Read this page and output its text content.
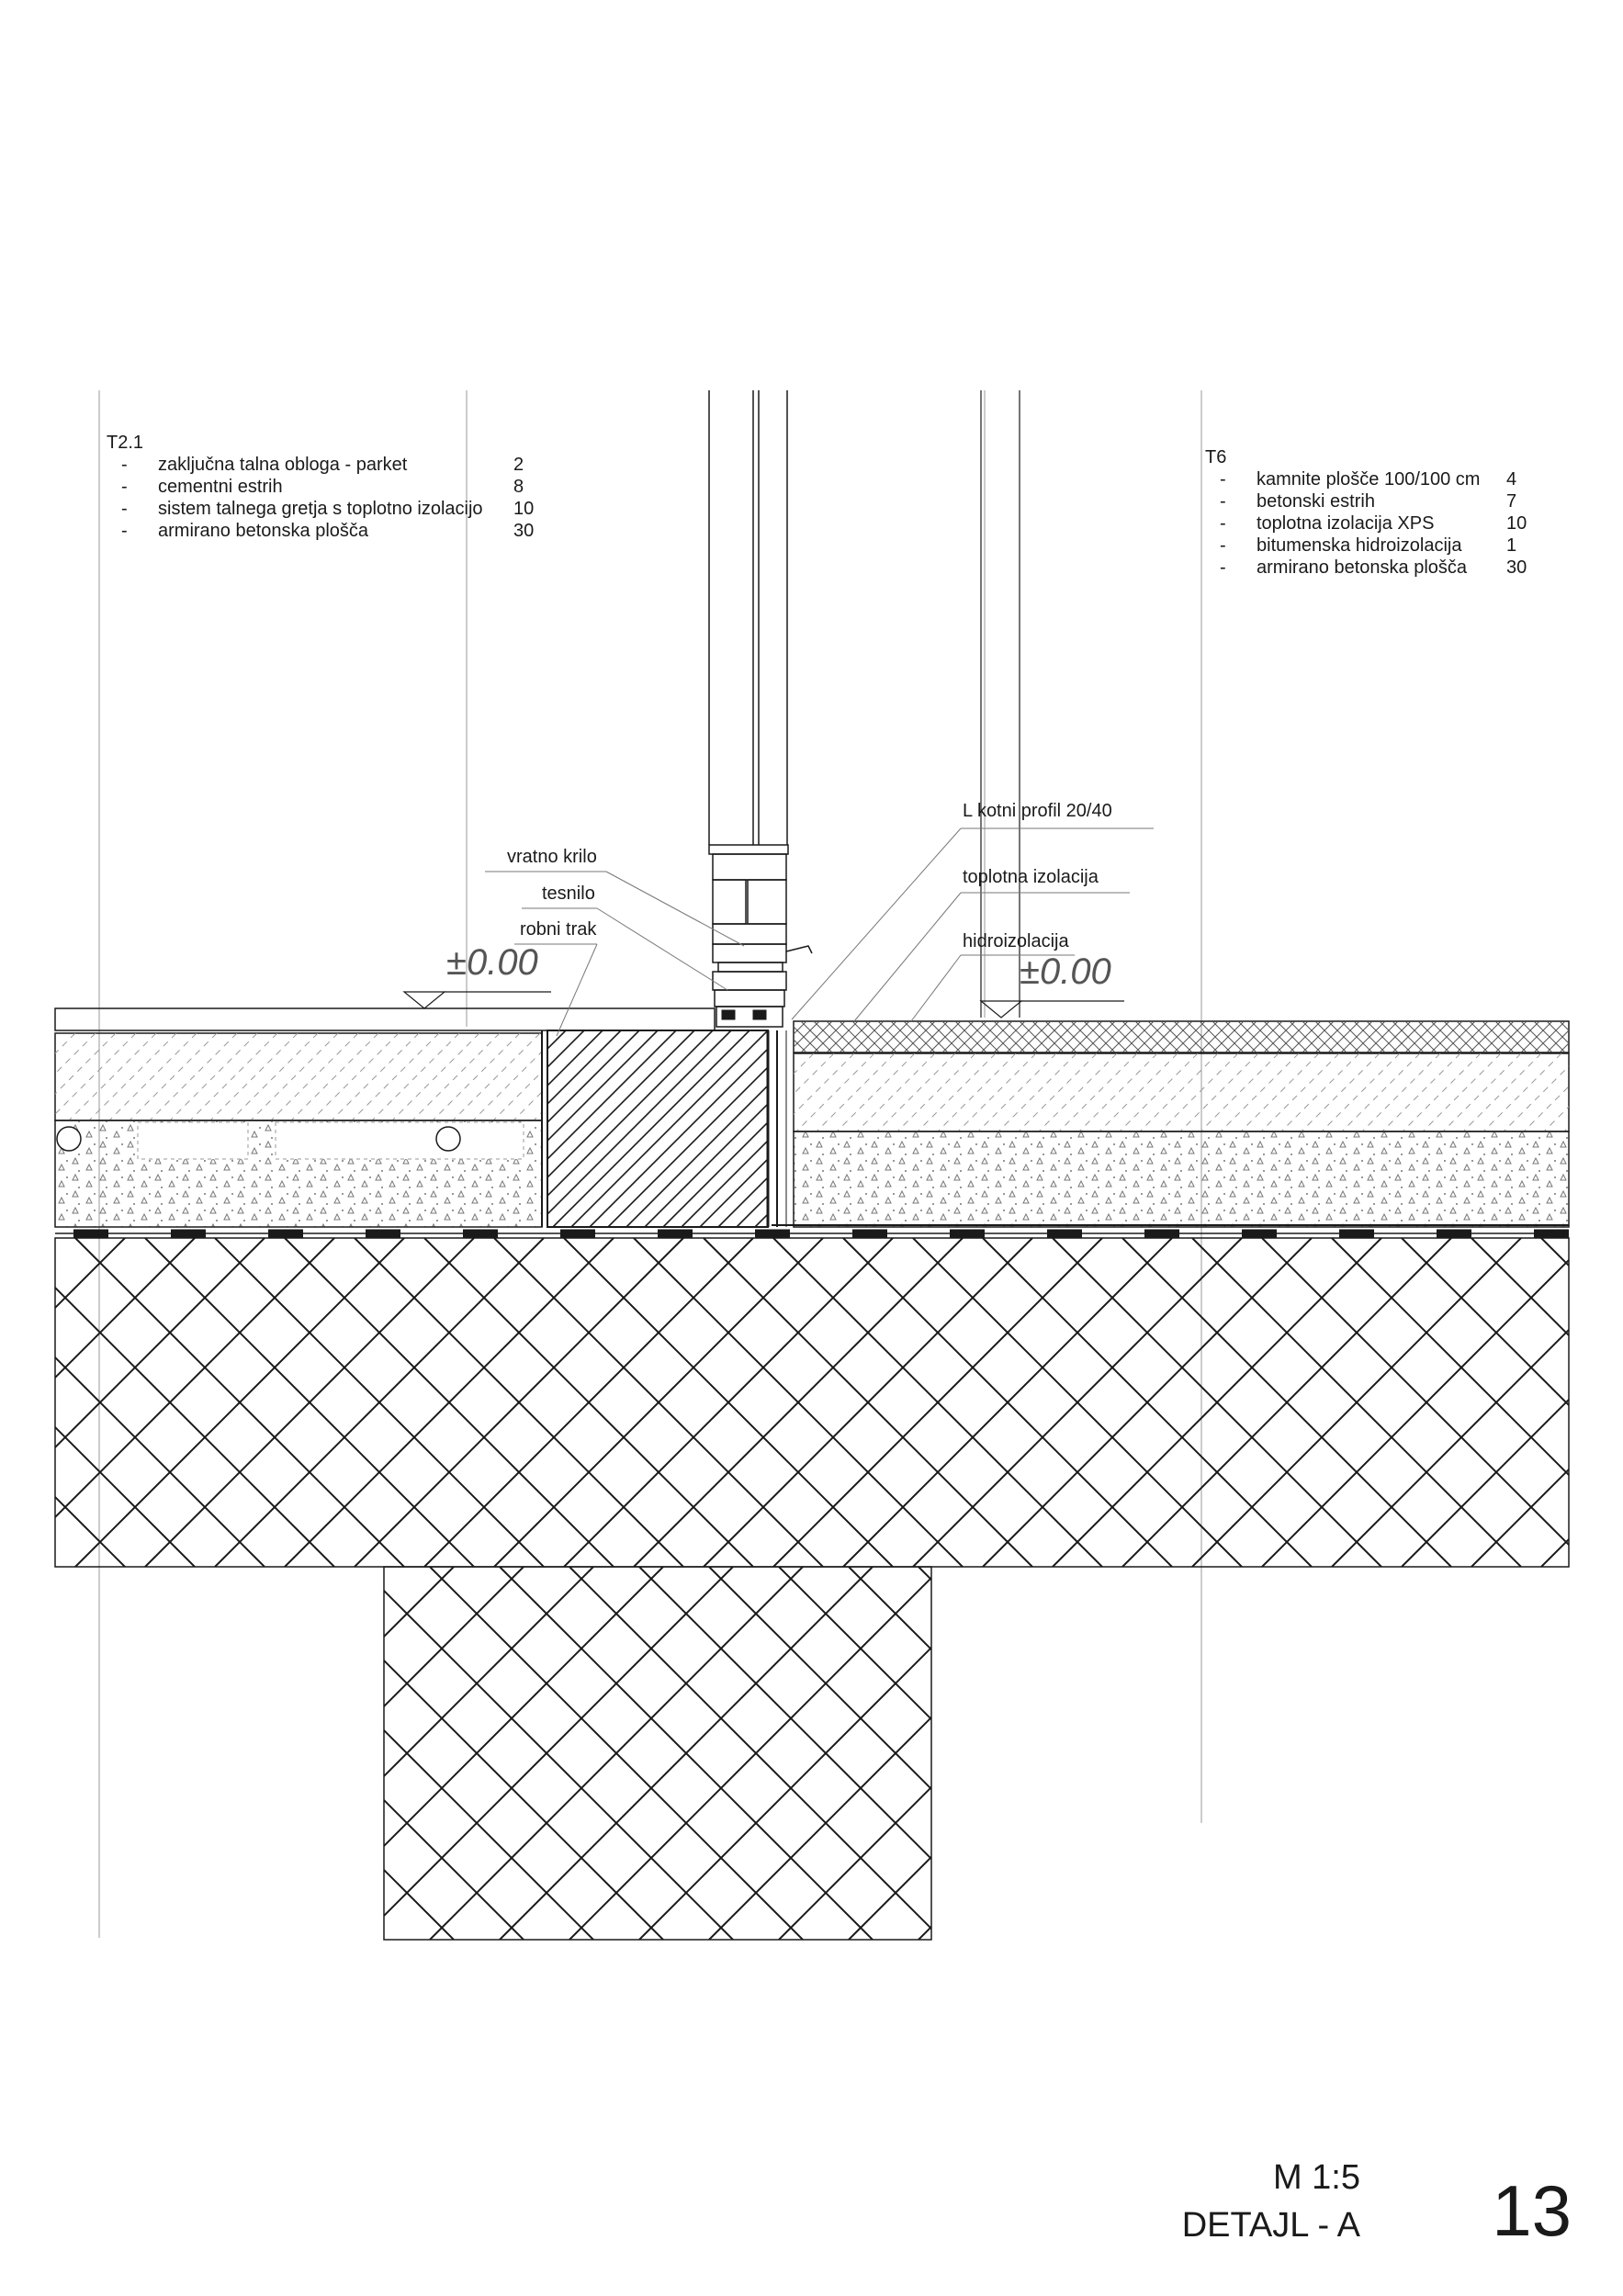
T2.1
- zaključna talna obloga - parket	2
- cementni estrih	8
- sistem talnega gretja s toplotno izolacijo 10
- armirano betonska plošča	30
T6
- kamnite plošče 100/100 cm 4
- betonski estrih	7
- toplotna izolacija XPS	10
- bitumenska hidroizolacija 1
- armirano betonska plošča 30
vratno krilo
tesnilo
robni trak
L kotni profil 20/40
toplotna izolacija
hidroizolacija
±0.00	±0.00
M 1:5
DETAJL - A 13
